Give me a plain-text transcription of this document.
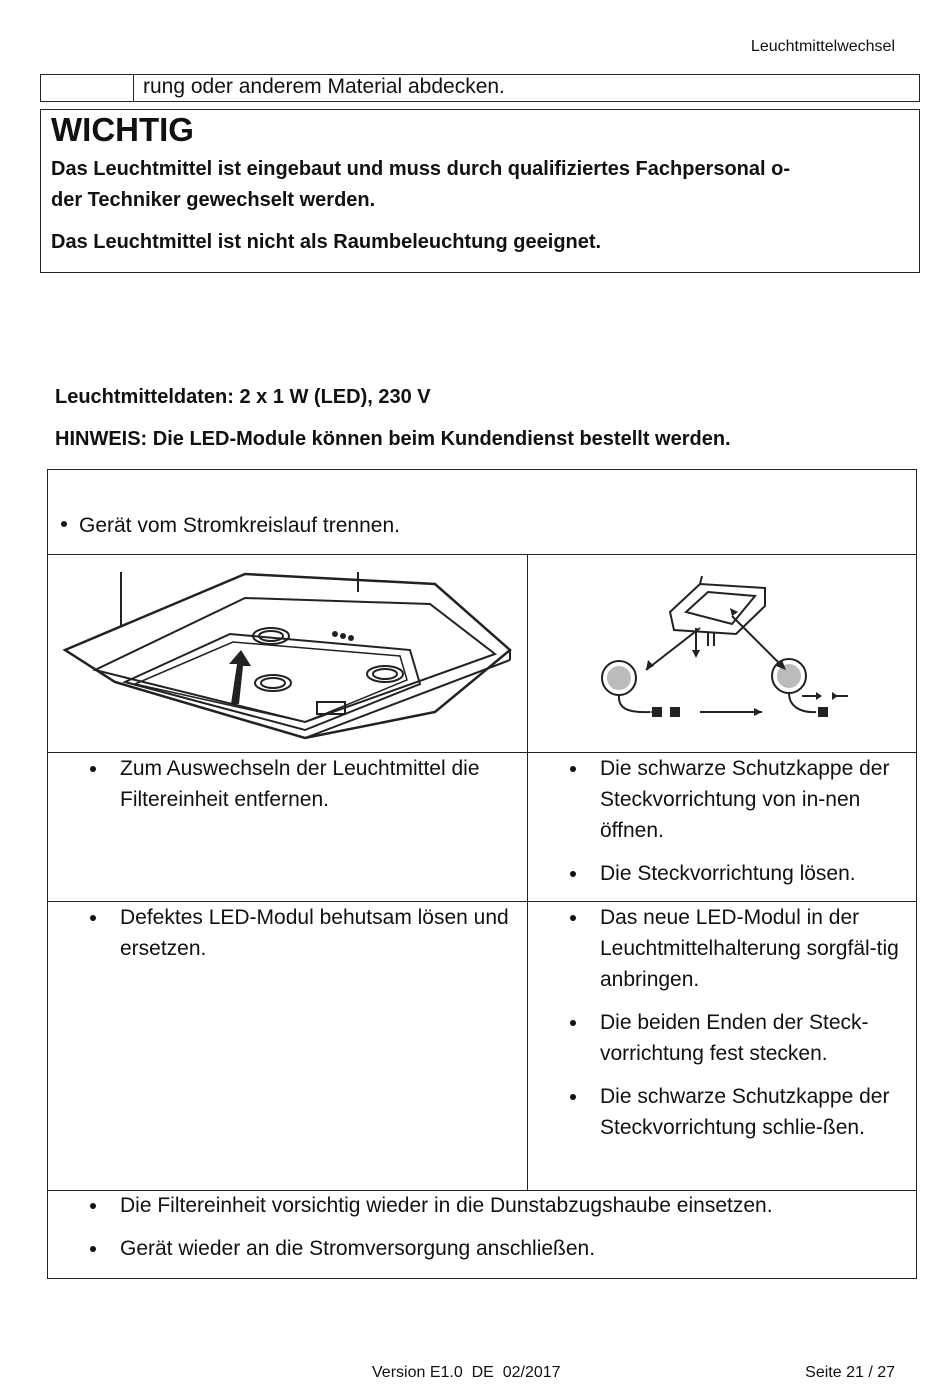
Leuchtmittelwechsel
rung oder anderem Material abdecken.
WICHTIG
Das Leuchtmittel ist eingebaut und muss durch qualifiziertes Fachpersonal o-
der Techniker gewechselt werden.
Das Leuchtmittel ist nicht als Raumbeleuchtung geeignet.
Leuchtmitteldaten: 2 x 1 W (LED), 230 V
HINWEIS: Die LED-Module können beim Kundendienst bestellt werden.
Gerät vom Stromkreislauf trennen.
Zum Auswechseln der Leuchtmittel die Filtereinheit entfernen.
Die schwarze Schutzkappe der Steckvorrichtung von in-nen öffnen.
Die Steckvorrichtung lösen.
Defektes LED-Modul behutsam lösen und ersetzen.
Das neue LED-Modul in der Leuchtmittelhalterung sorgfäl-tig anbringen.
Die beiden Enden der Steck-vorrichtung fest stecken.
Die schwarze Schutzkappe der Steckvorrichtung schlie-ßen.
Die Filtereinheit vorsichtig wieder in die Dunstabzugshaube einsetzen.
Gerät wieder an die Stromversorgung anschließen.
Version E1.0  DE  02/2017	Seite 21 / 27
